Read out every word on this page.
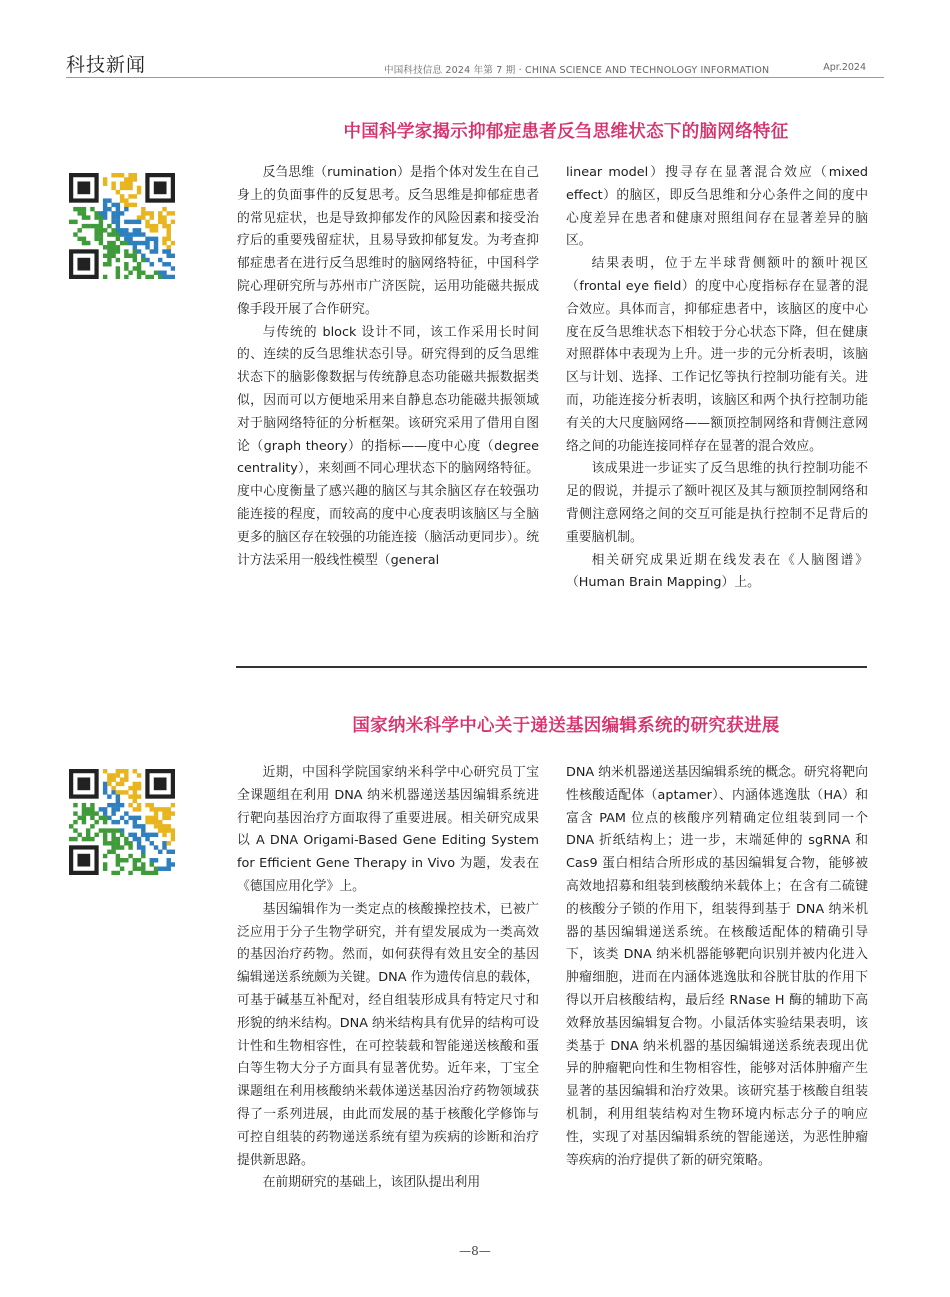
科技新闻	中国科技信息 2024 年第 7 期 · CHINA SCIENCE AND TECHNOLOGY INFORMATION	Apr.2024
中国科学家揭示抑郁症患者反刍思维状态下的脑网络特征

反刍思维（rumination）是指个体对发生在自己身上的负面事件的反复思考。反刍思维是抑郁症患者的常见症状，也是导致抑郁发作的风险因素和接受治疗后的重要残留症状，且易导致抑郁复发。为考查抑郁症患者在进行反刍思维时的脑网络特征，中国科学院心理研究所与苏州市广济医院，运用功能磁共振成像手段开展了合作研究。

与传统的 block 设计不同，该工作采用长时间的、连续的反刍思维状态引导。研究得到的反刍思维状态下的脑影像数据与传统静息态功能磁共振数据类似，因而可以方便地采用来自静息态功能磁共振领域对于脑网络特征的分析框架。该研究采用了借用自图论（graph theory）的指标——度中心度（degree centrality），来刻画不同心理状态下的脑网络特征。度中心度衡量了感兴趣的脑区与其余脑区存在较强功能连接的程度，而较高的度中心度表明该脑区与全脑更多的脑区存在较强的功能连接（脑活动更同步）。统计方法采用一般线性模型（general

linear model）搜寻存在显著混合效应（mixed effect）的脑区，即反刍思维和分心条件之间的度中心度差异在患者和健康对照组间存在显著差异的脑区。

结果表明，位于左半球背侧额叶的额叶视区（frontal eye field）的度中心度指标存在显著的混合效应。具体而言，抑郁症患者中，该脑区的度中心度在反刍思维状态下相较于分心状态下降，但在健康对照群体中表现为上升。进一步的元分析表明，该脑区与计划、选择、工作记忆等执行控制功能有关。进而，功能连接分析表明，该脑区和两个执行控制功能有关的大尺度脑网络——额顶控制网络和背侧注意网络之间的功能连接同样存在显著的混合效应。

该成果进一步证实了反刍思维的执行控制功能不足的假说，并提示了额叶视区及其与额顶控制网络和背侧注意网络之间的交互可能是执行控制不足背后的重要脑机制。

相关研究成果近期在线发表在《人脑图谱》（Human Brain Mapping）上。

国家纳米科学中心关于递送基因编辑系统的研究获进展

近期，中国科学院国家纳米科学中心研究员丁宝全课题组在利用 DNA 纳米机器递送基因编辑系统进行靶向基因治疗方面取得了重要进展。相关研究成果以 A DNA Origami-Based Gene Editing System for Efficient Gene Therapy in Vivo 为题，发表在《德国应用化学》上。

基因编辑作为一类定点的核酸操控技术，已被广泛应用于分子生物学研究，并有望发展成为一类高效的基因治疗药物。然而，如何获得有效且安全的基因编辑递送系统颇为关键。DNA 作为遗传信息的载体，可基于碱基互补配对，经自组装形成具有特定尺寸和形貌的纳米结构。DNA 纳米结构具有优异的结构可设计性和生物相容性，在可控装载和智能递送核酸和蛋白等生物大分子方面具有显著优势。近年来，丁宝全课题组在利用核酸纳米载体递送基因治疗药物领域获得了一系列进展，由此而发展的基于核酸化学修饰与可控自组装的药物递送系统有望为疾病的诊断和治疗提供新思路。

在前期研究的基础上，该团队提出利用

DNA 纳米机器递送基因编辑系统的概念。研究将靶向性核酸适配体（aptamer）、内涵体逃逸肽（HA）和富含 PAM 位点的核酸序列精确定位组装到同一个 DNA 折纸结构上；进一步，末端延伸的 sgRNA 和 Cas9 蛋白相结合所形成的基因编辑复合物，能够被高效地招募和组装到核酸纳米载体上；在含有二硫键的核酸分子锁的作用下，组装得到基于 DNA 纳米机器的基因编辑递送系统。在核酸适配体的精确引导下，该类 DNA 纳米机器能够靶向识别并被内化进入肿瘤细胞，进而在内涵体逃逸肽和谷胱甘肽的作用下得以开启核酸结构，最后经 RNase H 酶的辅助下高效释放基因编辑复合物。小鼠活体实验结果表明，该类基于 DNA 纳米机器的基因编辑递送系统表现出优异的肿瘤靶向性和生物相容性，能够对活体肿瘤产生显著的基因编辑和治疗效果。该研究基于核酸自组装机制，利用组装结构对生物环境内标志分子的响应性，实现了对基因编辑系统的智能递送，为恶性肿瘤等疾病的治疗提供了新的研究策略。

—8—
